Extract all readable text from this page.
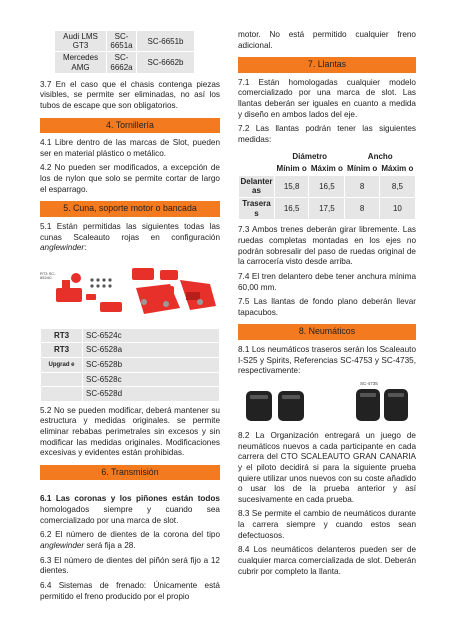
Audi LMS GT3	SC-6651a	SC-6651b
Mercedes AMG	SC-6662a	SC-6662b

3.7 En el caso que el chasis contenga piezas visibles, se permite ser eliminadas, no así los tubos de escape que son obligatorios.

4. Tornillería

4.1 Libre dentro de las marcas de Slot, pueden ser en material plástico o metálico.

4.2 No pueden ser modificados, a excepción de los de nylon que solo se permite cortar de largo el esparrago.

5. Cuna, soporte motor o bancada

5.1 Están permitidas las siguientes todas las cunas Scaleauto rojas en configuración anglewinder:

RT3 SC-6524C
RT3	SC-6524c
RT3	SC-6528a
Upgrad e	SC-6528b
	SC-6528c
	SC-6528d

5.2 No se pueden modificar, deberá mantener su estructura y medidas originales. se permite eliminar rebabas perimetrales sin excesos y sin modificar las medidas originales. Modificaciones excesivas y evidentes están prohibidas.

6. Transmisión

6.1 Las coronas y los piñones están todos homologados siempre y cuando sea comercializado por una marca de slot.

6.2 El número de dientes de la corona del tipo anglewinder será fija a 28.

6.3 El número de dientes del piñón será fijo a 12 dientes.

6.4 Sistemas de frenado: Únicamente está permitido el freno producido por el propio

motor. No está permitido cualquier freno adicional.

7. Llantas

7.1 Están homologadas cualquier modelo comercializado por una marca de slot. Las llantas deberán ser iguales en cuanto a medida y diseño en ambos lados del eje.

7.2 Las llantas podrán tener las siguientes medidas:

	Diámetro		Ancho	
	Mínim o	Máxim o	Mínim o	Máxim o
Delanter as	15,8	16,5	8	8,5
Trasera s	16,5	17,5	8	10

7.3 Ambos trenes deberán girar libremente. Las ruedas completas montadas en los ejes no podrán sobresalir del paso de ruedas original de la carrocería visto desde arriba.

7.4 El tren delantero debe tener anchura mínima 60,00 mm.

7.5 Las llantas de fondo plano deberán llevar tapacubos.

8. Neumáticos

8.1 Los neumáticos traseros serán los Scaleauto I-S25 y Spirits, Referencias SC-4753 y SC-4735, respectivamente:

SC-4735

8.2 La Organización entregará un juego de neumáticos nuevos a cada participante en cada carrera del CTO SCALEAUTO GRAN CANARIA y el piloto decidirá si para la siguiente prueba quiere utilizar unos nuevos con su coste añadido o usar los de la prueba anterior y así sucesivamente en cada prueba.

8.3 Se permite el cambio de neumáticos durante la carrera siempre y cuando estos sean defectuosos.

8.4 Los neumáticos delanteros pueden ser de cualquier marca comercializada de slot. Deberán cubrir por completo la llanta.
